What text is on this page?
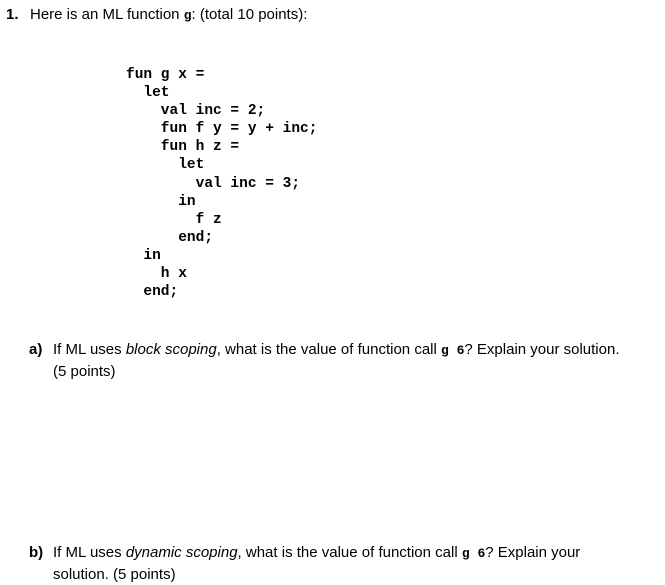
1. Here is an ML function g: (total 10 points):
fun g x =
let
val inc = 2;
fun f y = y + inc;
fun h z =
let
val inc = 3;
in
f z
end;
in
h x
end;
a) If ML uses block scoping, what is the value of function call g 6? Explain your solution.
(5 points)
b) If ML uses dynamic scoping, what is the value of function call g 6? Explain your
solution. (5 points)
